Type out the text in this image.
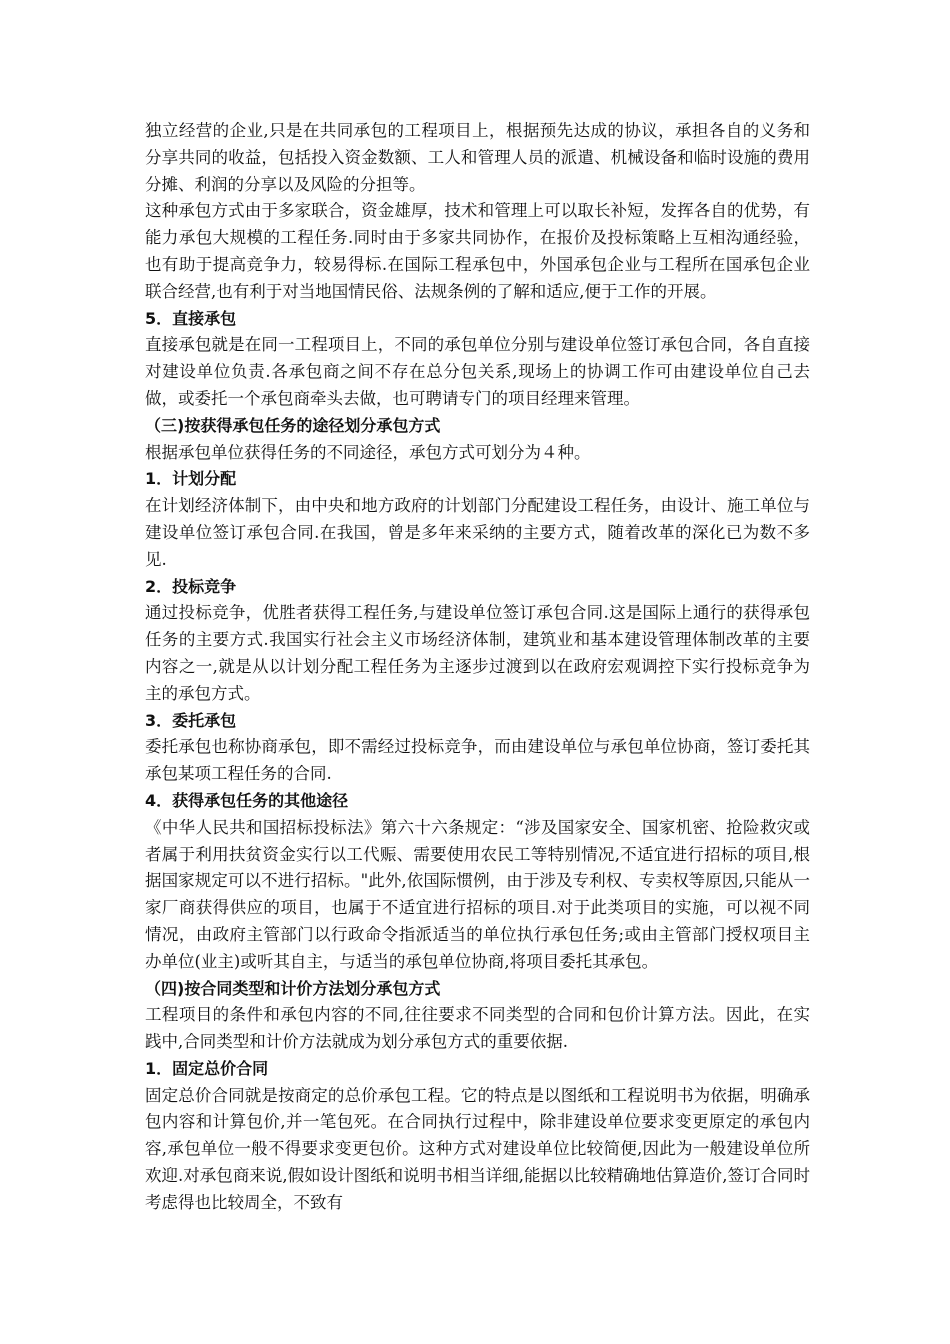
独立经营的企业,只是在共同承包的工程项目上，根据预先达成的协议，承担各自的义务和分享共同的收益，包括投入资金数额、工人和管理人员的派遣、机械设备和临时设施的费用分摊、利润的分享以及风险的分担等。

这种承包方式由于多家联合，资金雄厚，技术和管理上可以取长补短，发挥各自的优势，有能力承包大规模的工程任务.同时由于多家共同协作，在报价及投标策略上互相沟通经验，也有助于提高竞争力，较易得标.在国际工程承包中，外国承包企业与工程所在国承包企业联合经营,也有利于对当地国情民俗、法规条例的了解和适应,便于工作的开展。

5．直接承包

直接承包就是在同一工程项目上，不同的承包单位分别与建设单位签订承包合同，各自直接对建设单位负责.各承包商之间不存在总分包关系,现场上的协调工作可由建设单位自己去做，或委托一个承包商牵头去做，也可聘请专门的项目经理来管理。

（三)按获得承包任务的途径划分承包方式

根据承包单位获得任务的不同途径，承包方式可划分为４种。

1．计划分配

在计划经济体制下，由中央和地方政府的计划部门分配建设工程任务，由设计、施工单位与建设单位签订承包合同.在我国，曾是多年来采纳的主要方式，随着改革的深化已为数不多见.

2．投标竞争

通过投标竞争，优胜者获得工程任务,与建设单位签订承包合同.这是国际上通行的获得承包任务的主要方式.我国实行社会主义市场经济体制，建筑业和基本建设管理体制改革的主要内容之一,就是从以计划分配工程任务为主逐步过渡到以在政府宏观调控下实行投标竞争为主的承包方式。

3．委托承包

委托承包也称协商承包，即不需经过投标竞争，而由建设单位与承包单位协商，签订委托其承包某项工程任务的合同.

4．获得承包任务的其他途径

《中华人民共和国招标投标法》第六十六条规定：“涉及国家安全、国家机密、抢险救灾或者属于利用扶贫资金实行以工代赈、需要使用农民工等特别情况,不适宜进行招标的项目,根据国家规定可以不进行招标。"此外,依国际惯例，由于涉及专利权、专卖权等原因,只能从一家厂商获得供应的项目，也属于不适宜进行招标的项目.对于此类项目的实施，可以视不同情况，由政府主管部门以行政命令指派适当的单位执行承包任务;或由主管部门授权项目主办单位(业主)或听其自主，与适当的承包单位协商,将项目委托其承包。

（四)按合同类型和计价方法划分承包方式

工程项目的条件和承包内容的不同,往往要求不同类型的合同和包价计算方法。因此，在实践中,合同类型和计价方法就成为划分承包方式的重要依据.

1．固定总价合同

固定总价合同就是按商定的总价承包工程。它的特点是以图纸和工程说明书为依据，明确承包内容和计算包价,并一笔包死。在合同执行过程中，除非建设单位要求变更原定的承包内容,承包单位一般不得要求变更包价。这种方式对建设单位比较简便,因此为一般建设单位所欢迎.对承包商来说,假如设计图纸和说明书相当详细,能据以比较精确地估算造价,签订合同时考虑得也比较周全，不致有
